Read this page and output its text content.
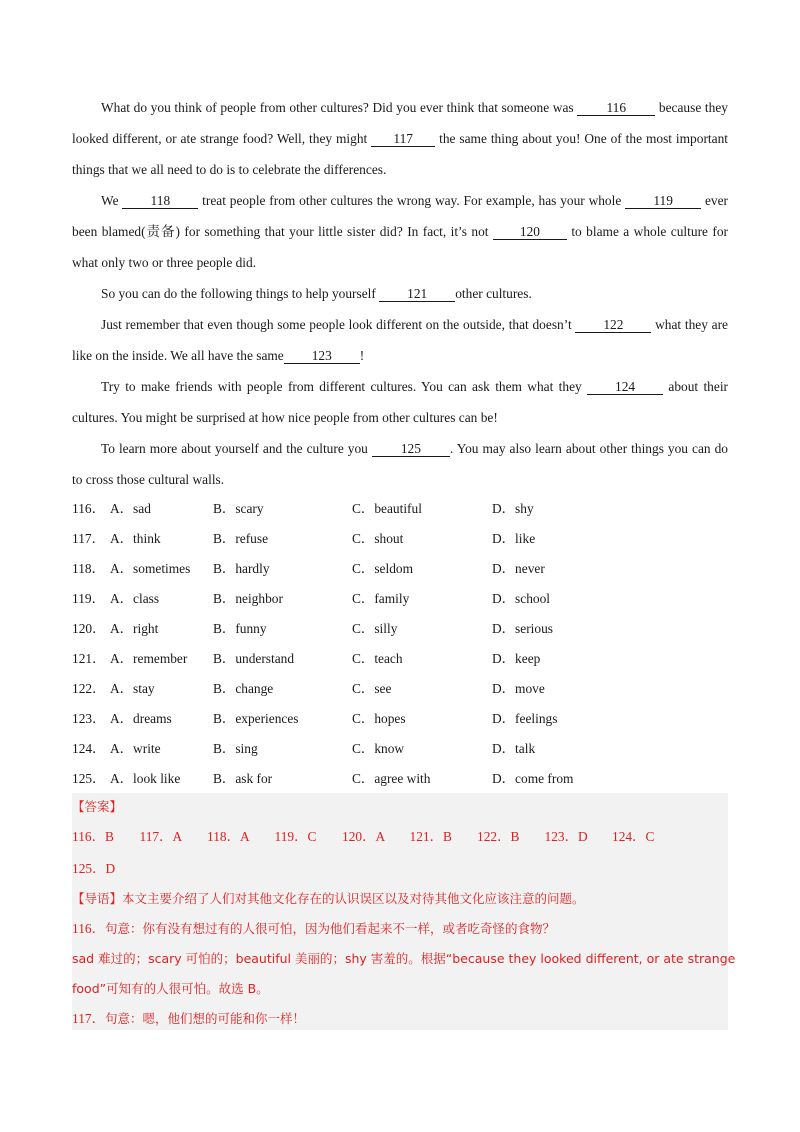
What do you think of people from other cultures? Did you ever think that someone was 116 because they looked different, or ate strange food? Well, they might 117 the same thing about you! One of the most important things that we all need to do is to celebrate the differences.

We 118 treat people from other cultures the wrong way. For example, has your whole 119 ever been blamed(责备) for something that your little sister did? In fact, it’s not 120 to blame a whole culture for what only two or three people did.

So you can do the following things to help yourself 121 other cultures.

Just remember that even though some people look different on the outside, that doesn’t 122 what they are like on the inside. We all have the same 123 !

Try to make friends with people from different cultures. You can ask them what they 124 about their cultures. You might be surprised at how nice people from other cultures can be!

To learn more about yourself and the culture you 125 . You may also learn about other things you can do to cross those cultural walls.

116． A．sad	B．scary	C．beautiful	D．shy
117． A．think	B．refuse	C．shout	D．like
118． A．sometimes B．hardly	C．seldom	D．never
119． A．class	B．neighbor	C．family	D．school
120． A．right	B．funny	C．silly	D．serious
121． A．remember B．understand	C．teach	D．keep
122． A．stay	B．change	C．see	D．move
123． A．dreams	B．experiences	C．hopes	D．feelings
124． A．write	B．sing	C．know	D．talk
125． A．look like B．ask for	C．agree with	D．come from
【答案】
116．B 117．A 118．A 119．C 120．A 121．B 122．B 123．D 124．C
125．D
【导语】本文主要介绍了人们对其他文化存在的认识误区以及对待其他文化应该注意的问题。
116．句意：你有没有想过有的人很可怕，因为他们看起来不一样，或者吃奇怪的食物？
sad 难过的；scary 可怕的；beautiful 美丽的；shy 害羞的。根据“because they looked different, or ate strange
food”可知有的人很可怕。故选 B。
117．句意：嗯，他们想的可能和你一样！
